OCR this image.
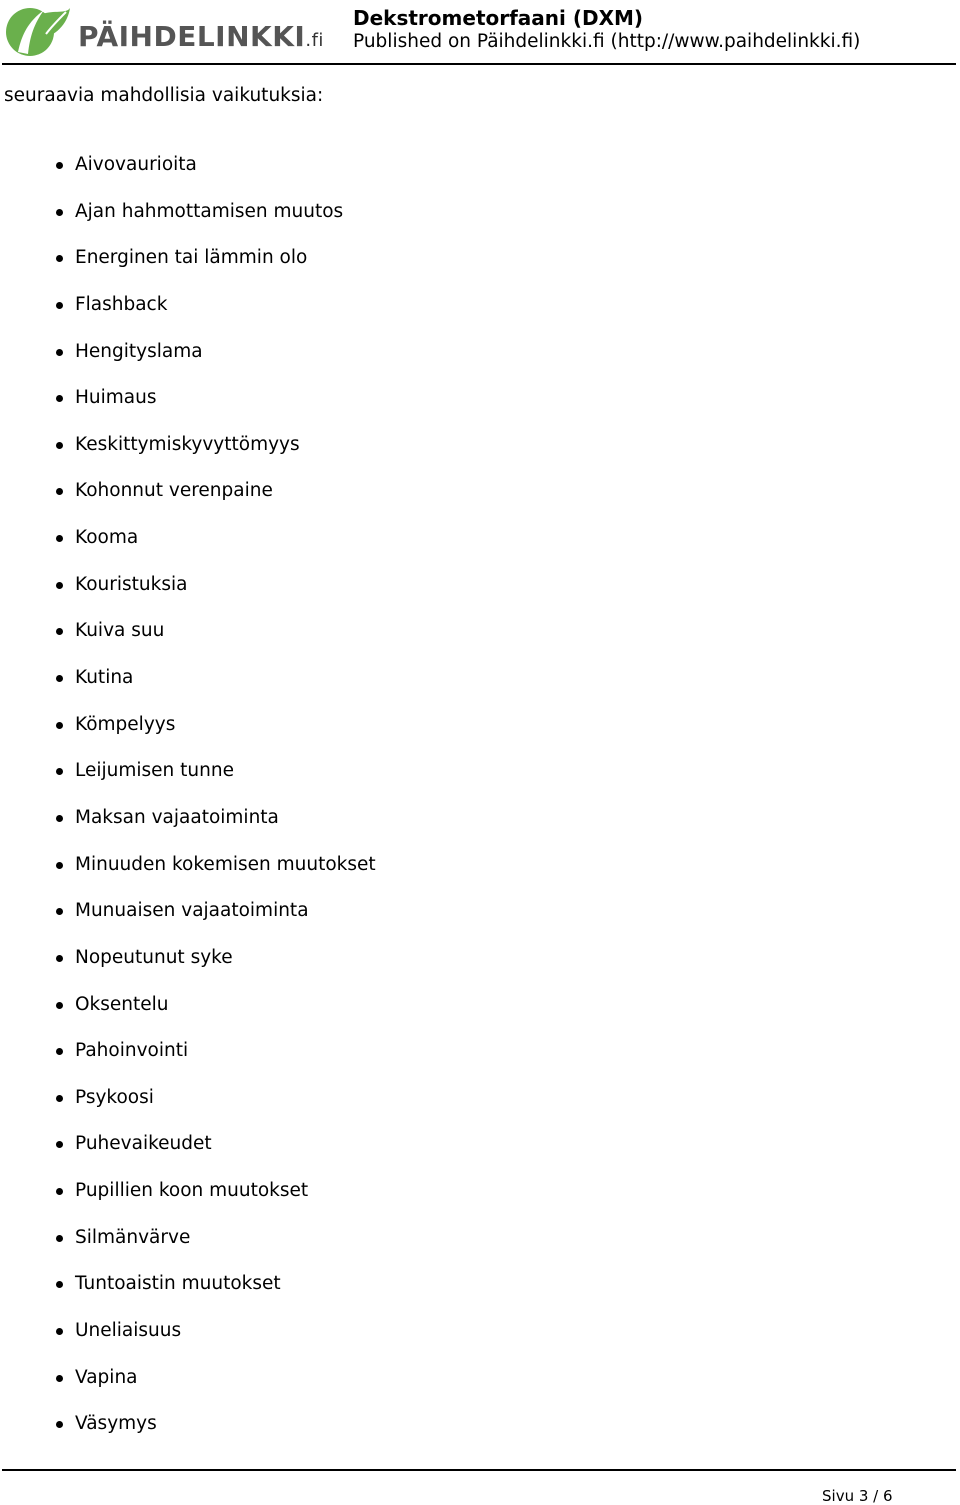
PÄIHDELINKKI.fi
Dekstrometorfaani (DXM)
Published on Päihdelinkki.fi (http://www.paihdelinkki.fi)
seuraavia mahdollisia vaikutuksia:
Aivovaurioita
Ajan hahmottamisen muutos
Energinen tai lämmin olo
Flashback
Hengityslama
Huimaus
Keskittymiskyvyttömyys
Kohonnut verenpaine
Kooma
Kouristuksia
Kuiva suu
Kutina
Kömpelyys
Leijumisen tunne
Maksan vajaatoiminta
Minuuden kokemisen muutokset
Munuaisen vajaatoiminta
Nopeutunut syke
Oksentelu
Pahoinvointi
Psykoosi
Puhevaikeudet
Pupillien koon muutokset
Silmänvärve
Tuntoaistin muutokset
Uneliaisuus
Vapina
Väsymys
Sivu 3 / 6
